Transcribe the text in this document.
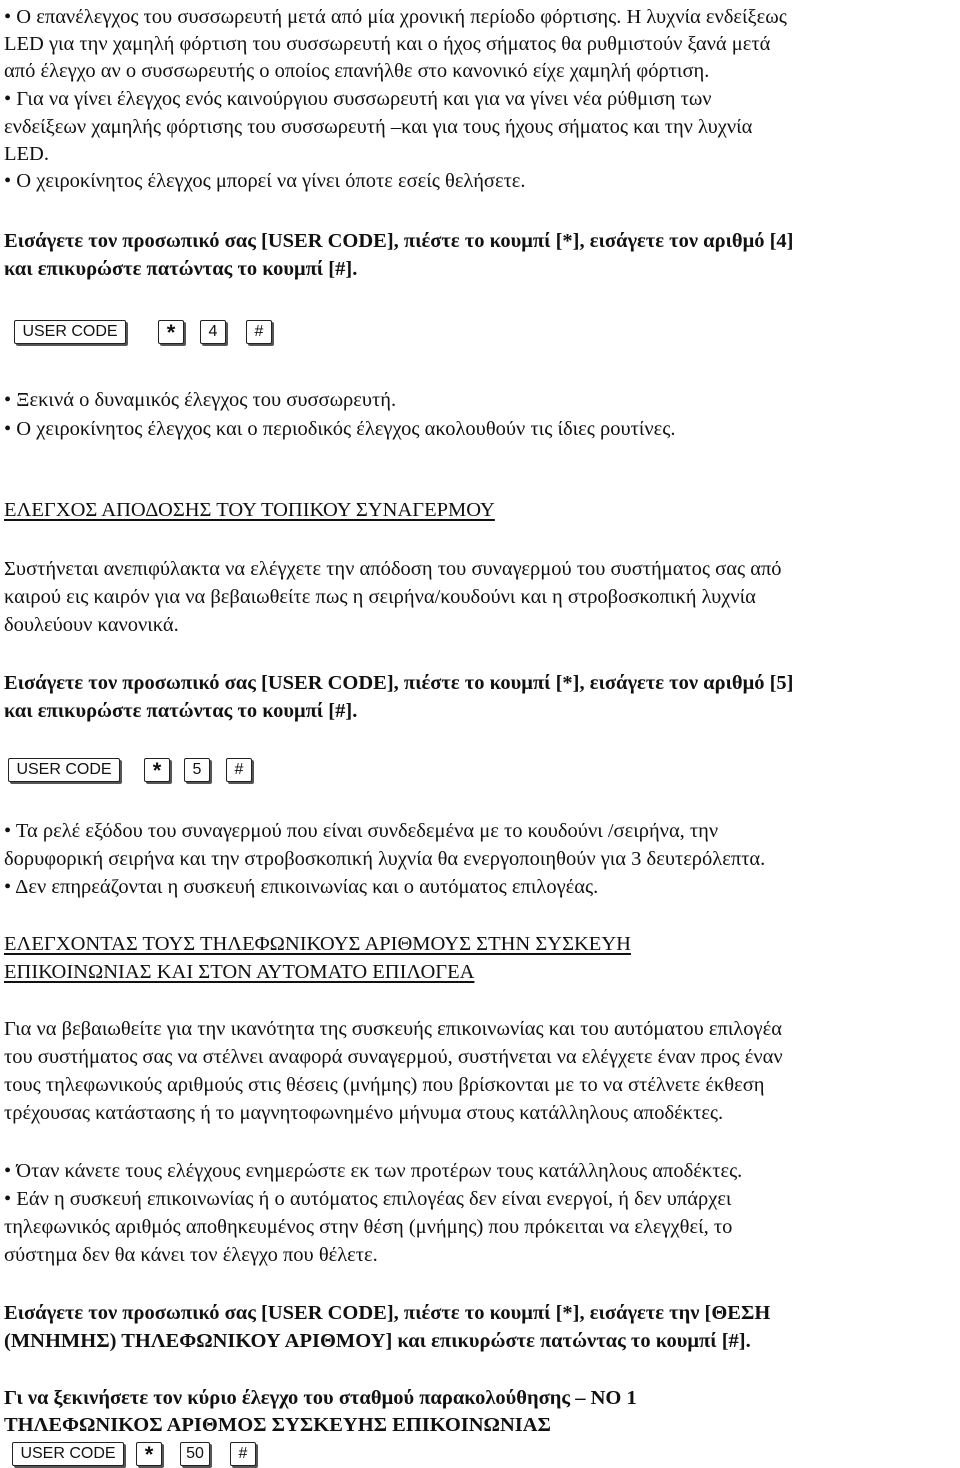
• Ο επανέλεγχος του συσσωρευτή μετά από μία χρονική περίοδο φόρτισης. Η λυχνία ενδείξεως
LED για την χαμηλή φόρτιση του συσσωρευτή και ο ήχος σήματος θα ρυθμιστούν ξανά μετά
από έλεγχο αν ο συσσωρευτής ο οποίος επανήλθε στο κανονικό είχε χαμηλή φόρτιση.
• Για να γίνει έλεγχος ενός καινούργιου συσσωρευτή και για να γίνει νέα ρύθμιση των
ενδείξεων χαμηλής φόρτισης του συσσωρευτή –και για τους ήχους σήματος και την λυχνία
LED.
• Ο χειροκίνητος έλεγχος μπορεί να γίνει όποτε εσείς θελήσετε.
Εισάγετε τον προσωπικό σας [USER CODE], πιέστε το κουμπί [*], εισάγετε τον αριθμό [4]
και επικυρώστε πατώντας το κουμπί [#].
USER CODE	*	4	#
• Ξεκινά ο δυναμικός έλεγχος του συσσωρευτή.
• Ο χειροκίνητος έλεγχος και ο περιοδικός έλεγχος ακολουθούν τις ίδιες ρουτίνες.
ΕΛΕΓΧΟΣ ΑΠΟΔΟΣΗΣ ΤΟΥ ΤΟΠΙΚΟΥ ΣΥΝΑΓΕΡΜΟΥ
Συστήνεται ανεπιφύλακτα να ελέγχετε την απόδοση του συναγερμού του συστήματος σας από
καιρού εις καιρόν για να βεβαιωθείτε πως η σειρήνα/κουδούνι και η στροβοσκοπική λυχνία
δουλεύουν κανονικά.
Εισάγετε τον προσωπικό σας [USER CODE], πιέστε το κουμπί [*], εισάγετε τον αριθμό [5]
και επικυρώστε πατώντας το κουμπί [#].
USER CODE	*	5	#
• Τα ρελέ εξόδου του συναγερμού που είναι συνδεδεμένα με το κουδούνι /σειρήνα, την
δορυφορική σειρήνα και την στροβοσκοπική λυχνία θα ενεργοποιηθούν για 3 δευτερόλεπτα.
• Δεν επηρεάζονται η συσκευή επικοινωνίας και ο αυτόματος επιλογέας.
ΕΛΕΓΧΟΝΤΑΣ ΤΟΥΣ ΤΗΛΕΦΩΝΙΚΟΥΣ ΑΡΙΘΜΟΥΣ ΣΤΗΝ ΣΥΣΚΕΥΗ
ΕΠΙΚΟΙΝΩΝΙΑΣ ΚΑΙ ΣΤΟΝ ΑΥΤΟΜΑΤΟ ΕΠΙΛΟΓΕΑ
Για να βεβαιωθείτε για την ικανότητα της συσκευής επικοινωνίας και του αυτόματου επιλογέα
του συστήματος σας να στέλνει αναφορά συναγερμού, συστήνεται να ελέγχετε έναν προς έναν
τους τηλεφωνικούς αριθμούς στις θέσεις (μνήμης) που βρίσκονται με το να στέλνετε έκθεση
τρέχουσας κατάστασης ή το μαγνητοφωνημένο μήνυμα στους κατάλληλους αποδέκτες.
• Όταν κάνετε τους ελέγχους ενημερώστε εκ των προτέρων τους κατάλληλους αποδέκτες.
• Εάν η συσκευή επικοινωνίας ή ο αυτόματος επιλογέας δεν είναι ενεργοί, ή δεν υπάρχει
τηλεφωνικός αριθμός αποθηκευμένος στην θέση (μνήμης) που πρόκειται να ελεγχθεί, το
σύστημα δεν θα κάνει τον έλεγχο που θέλετε.
Εισάγετε τον προσωπικό σας [USER CODE], πιέστε το κουμπί [*], εισάγετε την [ΘΕΣΗ
(ΜΝΗΜΗΣ) ΤΗΛΕΦΩΝΙΚΟΥ ΑΡΙΘΜΟΥ] και επικυρώστε πατώντας το κουμπί [#].
Γι να ξεκινήσετε τον κύριο έλεγχο του σταθμού παρακολούθησης – ΝΟ 1
ΤΗΛΕΦΩΝΙΚΟΣ ΑΡΙΘΜΟΣ ΣΥΣΚΕΥΗΣ ΕΠΙΚΟΙΝΩΝΙΑΣ
USER CODE	*	50	#
